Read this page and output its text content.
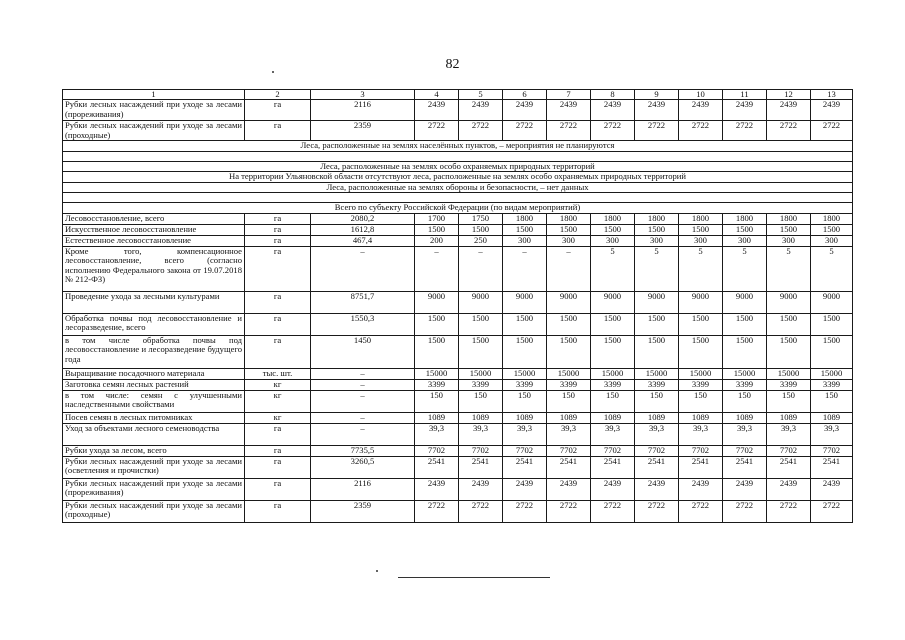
82
1	2	3	4	5	6	7	8	9	10	11	12	13
Рубки лесных насаждений при уходе за лесами (прореживания)	га	2116	2439	2439	2439	2439	2439	2439	2439	2439	2439	2439
Рубки лесных насаждений при уходе за лесами (проходные)	га	2359	2722	2722	2722	2722	2722	2722	2722	2722	2722	2722
Леса, расположенные на землях населённых пунктов, – мероприятия не планируются												

Леса, расположенные на землях особо охраняемых природных территорий												
На территории Ульяновской области отсутствуют леса, расположенные на землях особо охраняемых природных территорий												
Леса, расположенные на землях обороны и безопасности, – нет данных												

Всего по субъекту Российской Федерации (по видам мероприятий)												
Лесовосстановление, всего	га	2080,2	1700	1750	1800	1800	1800	1800	1800	1800	1800	1800
Искусственное лесовосстановление	га	1612,8	1500	1500	1500	1500	1500	1500	1500	1500	1500	1500
Естественное лесовосстановление	га	467,4	200	250	300	300	300	300	300	300	300	300
Кроме того, компенсационное лесовосстановление, всего (согласно исполнению Федерального закона от 19.07.2018 № 212-ФЗ)	га	–	–	–	–	–	5	5	5	5	5	5
Проведение ухода за лесными культурами	га	8751,7	9000	9000	9000	9000	9000	9000	9000	9000	9000	9000
Обработка почвы под лесовосстановление и лесоразведение, всего	га	1550,3	1500	1500	1500	1500	1500	1500	1500	1500	1500	1500
в том числе обработка почвы под лесовосстановление и лесоразведение будущего года	га	1450	1500	1500	1500	1500	1500	1500	1500	1500	1500	1500
Выращивание посадочного материала	тыс. шт.	–	15000	15000	15000	15000	15000	15000	15000	15000	15000	15000
Заготовка семян лесных растений	кг	–	3399	3399	3399	3399	3399	3399	3399	3399	3399	3399
в том числе: семян с улучшенными наследственными свойствами	кг	–	150	150	150	150	150	150	150	150	150	150
Посев семян в лесных питомниках	кг	–	1089	1089	1089	1089	1089	1089	1089	1089	1089	1089
Уход за объектами лесного семеноводства	га	–	39,3	39,3	39,3	39,3	39,3	39,3	39,3	39,3	39,3	39,3
Рубки ухода за лесом, всего	га	7735,5	7702	7702	7702	7702	7702	7702	7702	7702	7702	7702
Рубки лесных насаждений при уходе за лесами (осветления и прочистки)	га	3260,5	2541	2541	2541	2541	2541	2541	2541	2541	2541	2541
Рубки лесных насаждений при уходе за лесами (прореживания)	га	2116	2439	2439	2439	2439	2439	2439	2439	2439	2439	2439
Рубки лесных насаждений при уходе за лесами (проходные)	га	2359	2722	2722	2722	2722	2722	2722	2722	2722	2722	2722
